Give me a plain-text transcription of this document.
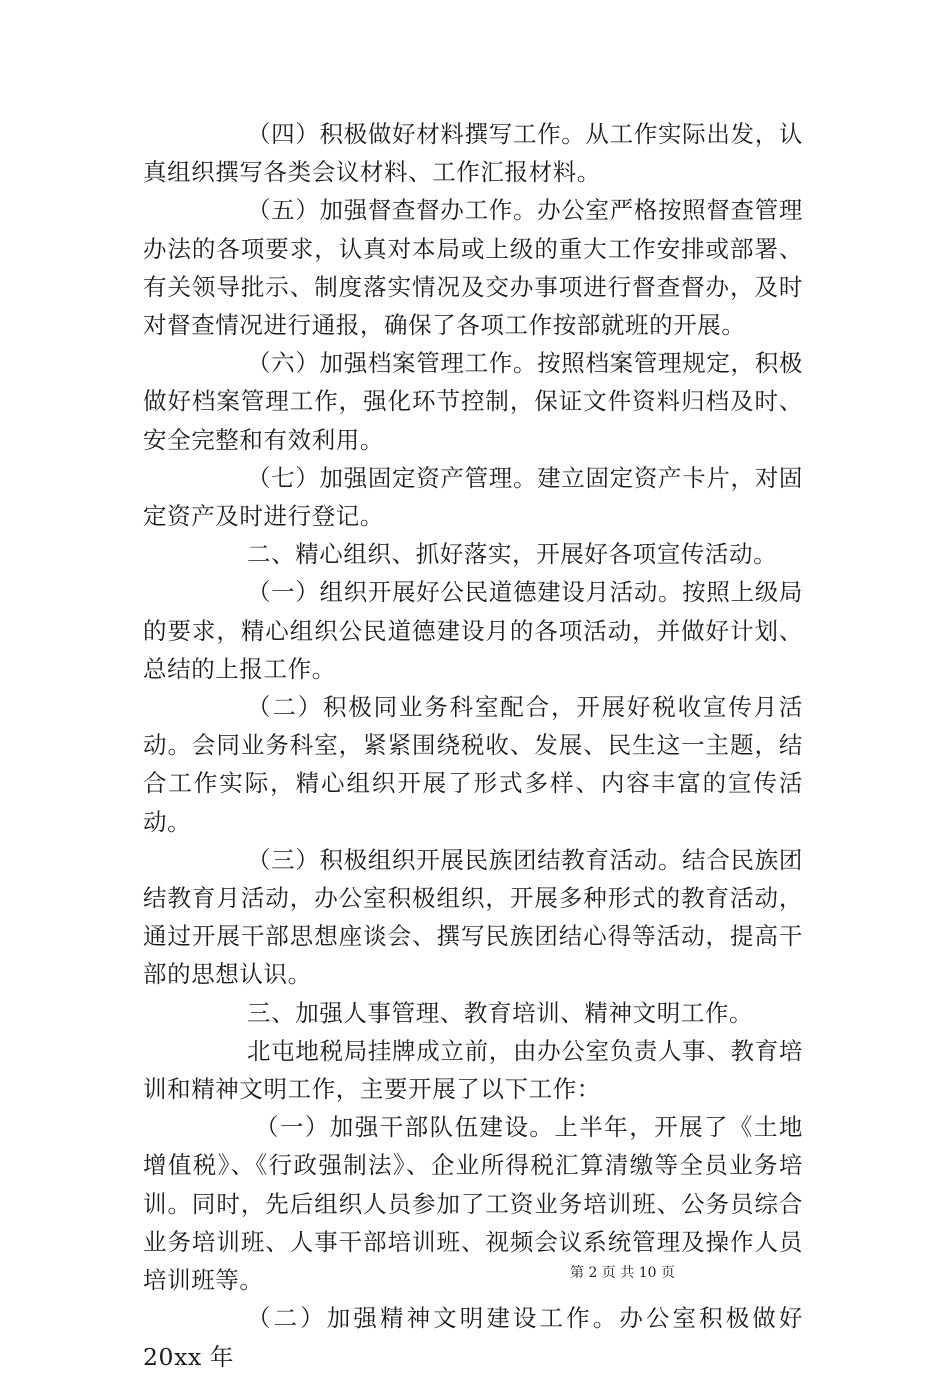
（四）积极做好材料撰写工作。从工作实际出发，认真组织撰写各类会议材料、工作汇报材料。

（五）加强督查督办工作。办公室严格按照督查管理办法的各项要求，认真对本局或上级的重大工作安排或部署、有关领导批示、制度落实情况及交办事项进行督查督办，及时对督查情况进行通报，确保了各项工作按部就班的开展。

（六）加强档案管理工作。按照档案管理规定，积极做好档案管理工作，强化环节控制，保证文件资料归档及时、安全完整和有效利用。

（七）加强固定资产管理。建立固定资产卡片，对固定资产及时进行登记。

二、精心组织、抓好落实，开展好各项宣传活动。

（一）组织开展好公民道德建设月活动。按照上级局的要求，精心组织公民道德建设月的各项活动，并做好计划、总结的上报工作。

（二）积极同业务科室配合，开展好税收宣传月活动。会同业务科室，紧紧围绕税收、发展、民生这一主题，结合工作实际，精心组织开展了形式多样、内容丰富的宣传活动。

（三）积极组织开展民族团结教育活动。结合民族团结教育月活动，办公室积极组织，开展多种形式的教育活动，通过开展干部思想座谈会、撰写民族团结心得等活动，提高干部的思想认识。

三、加强人事管理、教育培训、精神文明工作。

北屯地税局挂牌成立前，由办公室负责人事、教育培训和精神文明工作，主要开展了以下工作：

（一）加强干部队伍建设。上半年，开展了《土地增值税》、《行政强制法》、企业所得税汇算清缴等全员业务培训。同时，先后组织人员参加了工资业务培训班、公务员综合业务培训班、人事干部培训班、视频会议系统管理及操作人员培训班等。

（二）加强精神文明建设工作。办公室积极做好 20xx 年

第 2 页 共 10 页
